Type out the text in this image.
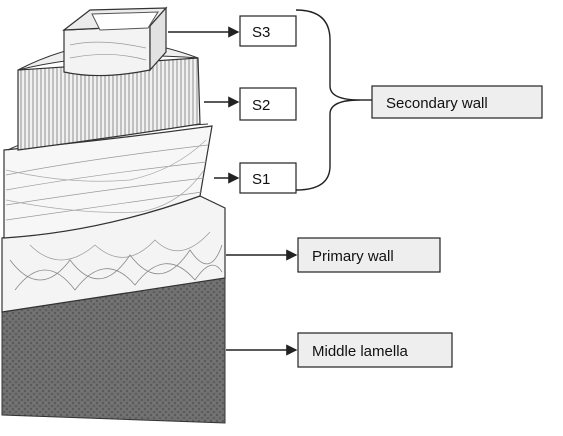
S3
S2
S1
Secondary wall
Primary wall
Middle lamella
